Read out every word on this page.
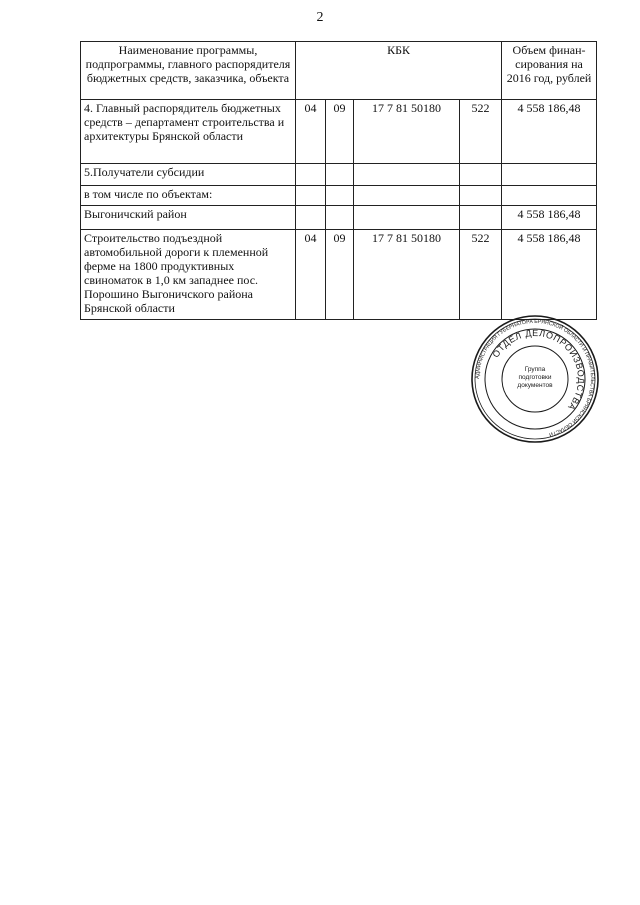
2
Наименование программы, подпрограммы, главного распорядителя бюджетных средств, заказчика, объекта	КБК				Объем финан-сирования на 2016 год, рублей
4. Главный распорядитель бюджетных средств – департамент строительства и архитектуры Брянской области	04	09	17 7 81 50180	522	4 558 186,48
5.Получатели субсидии					
в том числе по объектам:					
Выгоничский район					4 558 186,48
Строительство подъездной автомобильной дороги к племенной ферме на 1800 продуктивных свиноматок в 1,0 км западнее пос. Порошино Выгоничского района Брянской области	04	09	17 7 81 50180	522	4 558 186,48
АДМИНИСТРАЦИЯ ГУБЕРНАТОРА БРЯНСКОЙ ОБЛАСТИ И ПРАВИТЕЛЬСТВА БРЯНСКОЙ ОБЛАСТИ
ОТДЕЛ ДЕЛОПРОИЗВОДСТВА
Группа подготовки документов
